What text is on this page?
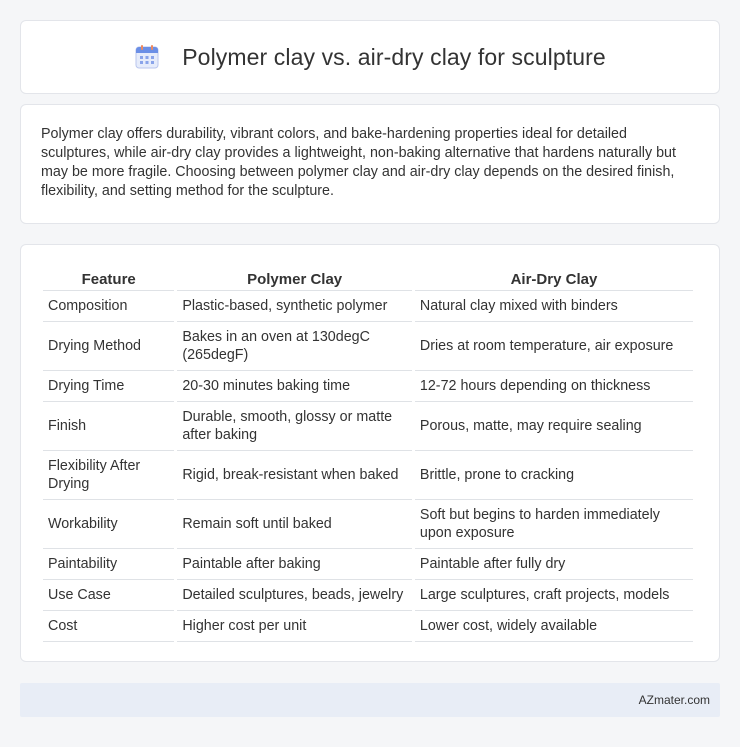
Polymer clay vs. air-dry clay for sculpture

Polymer clay offers durability, vibrant colors, and bake-hardening properties ideal for detailed sculptures, while air-dry clay provides a lightweight, non-baking alternative that hardens naturally but may be more fragile. Choosing between polymer clay and air-dry clay depends on the desired finish, flexibility, and setting method for the sculpture.

Feature	Polymer Clay	Air-Dry Clay
Composition	Plastic-based, synthetic polymer	Natural clay mixed with binders
Drying Method	Bakes in an oven at 130degC (265degF)	Dries at room temperature, air exposure
Drying Time	20-30 minutes baking time	12-72 hours depending on thickness
Finish	Durable, smooth, glossy or matte after baking	Porous, matte, may require sealing
Flexibility After Drying	Rigid, break-resistant when baked	Brittle, prone to cracking
Workability	Remain soft until baked	Soft but begins to harden immediately upon exposure
Paintability	Paintable after baking	Paintable after fully dry
Use Case	Detailed sculptures, beads, jewelry	Large sculptures, craft projects, models
Cost	Higher cost per unit	Lower cost, widely available
AZmater.com
